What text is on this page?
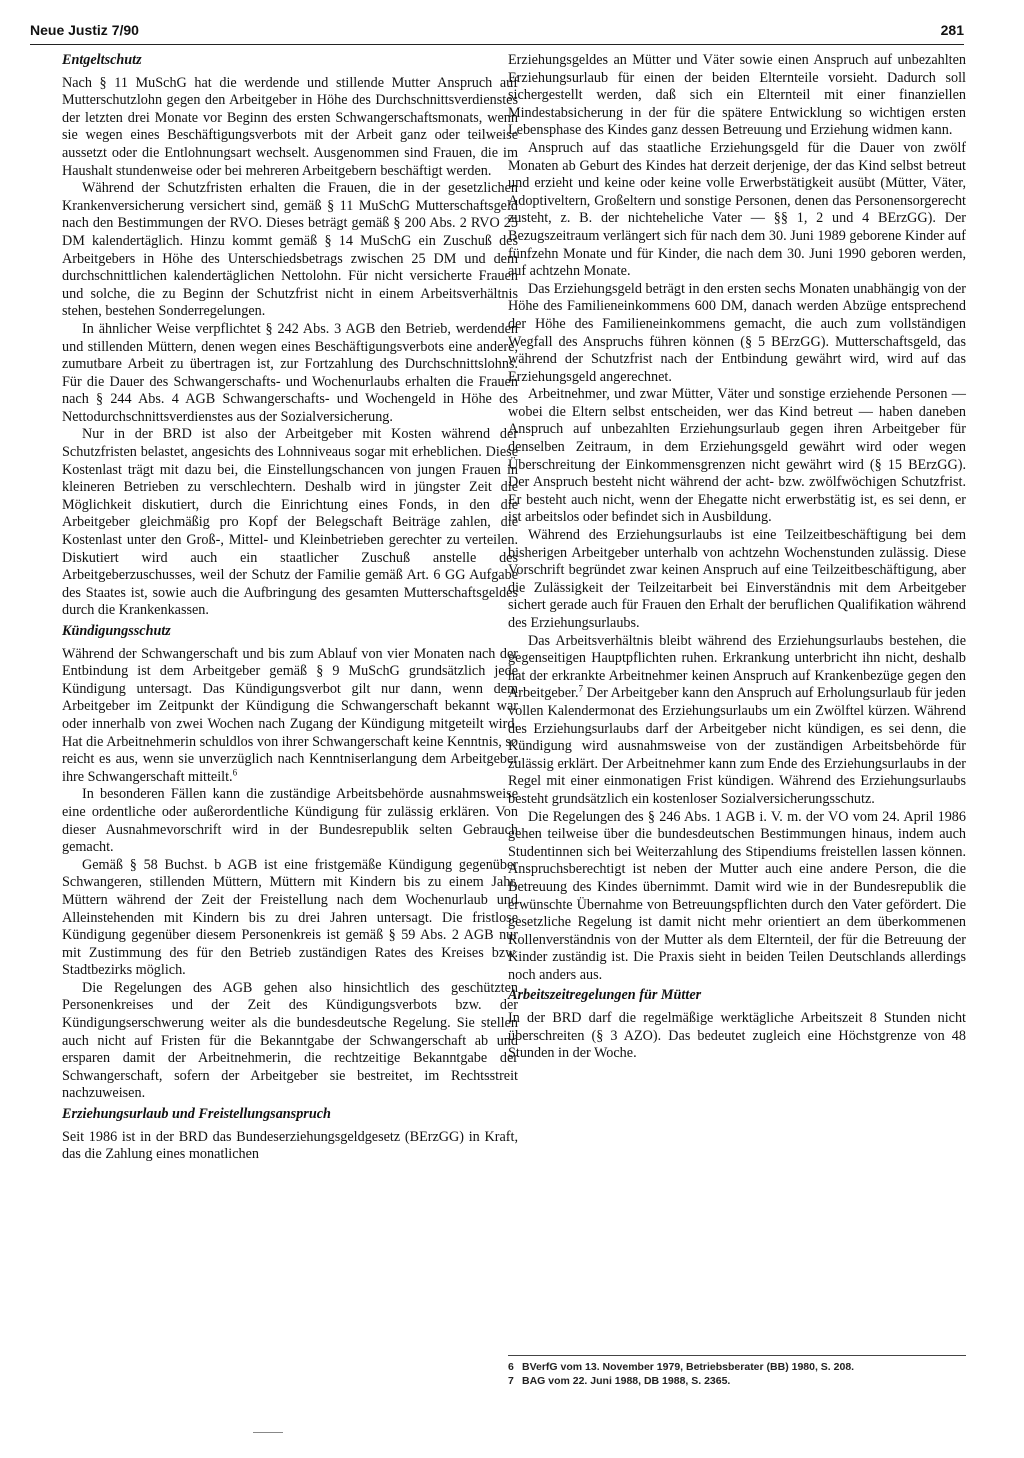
Neue Justiz 7/90	281
Entgeltschutz

Nach § 11 MuSchG hat die werdende und stillende Mutter Anspruch auf Mutterschutzlohn gegen den Arbeitgeber in Höhe des Durchschnittsverdienstes der letzten drei Monate vor Beginn des ersten Schwangerschaftsmonats, wenn sie wegen eines Beschäftigungsverbots mit der Arbeit ganz oder teilweise aussetzt oder die Entlohnungsart wechselt. Ausgenommen sind Frauen, die im Haushalt stundenweise oder bei mehreren Arbeitgebern beschäftigt werden.

Während der Schutzfristen erhalten die Frauen, die in der gesetzlichen Krankenversicherung versichert sind, gemäß § 11 MuSchG Mutterschaftsgeld nach den Bestimmungen der RVO. Dieses beträgt gemäß § 200 Abs. 2 RVO 25 DM kalendertäglich. Hinzu kommt gemäß § 14 MuSchG ein Zuschuß des Arbeitgebers in Höhe des Unterschiedsbetrags zwischen 25 DM und dem durchschnittlichen kalendertäglichen Nettolohn. Für nicht versicherte Frauen und solche, die zu Beginn der Schutzfrist nicht in einem Arbeitsverhältnis stehen, bestehen Sonderregelungen.

In ähnlicher Weise verpflichtet § 242 Abs. 3 AGB den Betrieb, werdenden und stillenden Müttern, denen wegen eines Beschäftigungsverbots eine andere, zumutbare Arbeit zu übertragen ist, zur Fortzahlung des Durchschnittslohns. Für die Dauer des Schwangerschafts- und Wochenurlaubs erhalten die Frauen nach § 244 Abs. 4 AGB Schwangerschafts- und Wochengeld in Höhe des Nettodurchschnittsverdienstes aus der Sozialversicherung.

Nur in der BRD ist also der Arbeitgeber mit Kosten während der Schutzfristen belastet, angesichts des Lohnniveaus sogar mit erheblichen. Diese Kostenlast trägt mit dazu bei, die Einstellungschancen von jungen Frauen in kleineren Betrieben zu verschlechtern. Deshalb wird in jüngster Zeit die Möglichkeit diskutiert, durch die Einrichtung eines Fonds, in den die Arbeitgeber gleichmäßig pro Kopf der Belegschaft Beiträge zahlen, die Kostenlast unter den Groß-, Mittel- und Kleinbetrieben gerechter zu verteilen. Diskutiert wird auch ein staatlicher Zuschuß anstelle des Arbeitgeberzuschusses, weil der Schutz der Familie gemäß Art. 6 GG Aufgabe des Staates ist, sowie auch die Aufbringung des gesamten Mutterschaftsgeldes durch die Krankenkassen.

Kündigungsschutz

Während der Schwangerschaft und bis zum Ablauf von vier Monaten nach der Entbindung ist dem Arbeitgeber gemäß § 9 MuSchG grundsätzlich jede Kündigung untersagt. Das Kündigungsverbot gilt nur dann, wenn dem Arbeitgeber im Zeitpunkt der Kündigung die Schwangerschaft bekannt war oder innerhalb von zwei Wochen nach Zugang der Kündigung mitgeteilt wird. Hat die Arbeitnehmerin schuldlos von ihrer Schwangerschaft keine Kenntnis, so reicht es aus, wenn sie unverzüglich nach Kenntniserlangung dem Arbeitgeber ihre Schwangerschaft mitteilt.$^6$

In besonderen Fällen kann die zuständige Arbeitsbehörde ausnahmsweise eine ordentliche oder außerordentliche Kündigung für zulässig erklären. Von dieser Ausnahmevorschrift wird in der Bundesrepublik selten Gebrauch gemacht.

Gemäß § 58 Buchst. b AGB ist eine fristgemäße Kündigung gegenüber Schwangeren, stillenden Müttern, Müttern mit Kindern bis zu einem Jahr, Müttern während der Zeit der Freistellung nach dem Wochenurlaub und Alleinstehenden mit Kindern bis zu drei Jahren untersagt. Die fristlose Kündigung gegenüber diesem Personenkreis ist gemäß § 59 Abs. 2 AGB nur mit Zustimmung des für den Betrieb zuständigen Rates des Kreises bzw. Stadtbezirks möglich.

Die Regelungen des AGB gehen also hinsichtlich des geschützten Personenkreises und der Zeit des Kündigungsverbots bzw. der Kündigungserschwerung weiter als die bundesdeutsche Regelung. Sie stellen auch nicht auf Fristen für die Bekanntgabe der Schwangerschaft ab und ersparen damit der Arbeitnehmerin, die rechtzeitige Bekanntgabe der Schwangerschaft, sofern der Arbeitgeber sie bestreitet, im Rechtsstreit nachzuweisen.

Erziehungsurlaub und Freistellungsanspruch

Seit 1986 ist in der BRD das Bundeserziehungsgeldgesetz (BErzGG) in Kraft, das die Zahlung eines monatlichen

Erziehungsgeldes an Mütter und Väter sowie einen Anspruch auf unbezahlten Erziehungsurlaub für einen der beiden Elternteile vorsieht. Dadurch soll sichergestellt werden, daß sich ein Elternteil mit einer finanziellen Mindestabsicherung in der für die spätere Entwicklung so wichtigen ersten Lebensphase des Kindes ganz dessen Betreuung und Erziehung widmen kann.

Anspruch auf das staatliche Erziehungsgeld für die Dauer von zwölf Monaten ab Geburt des Kindes hat derzeit derjenige, der das Kind selbst betreut und erzieht und keine oder keine volle Erwerbstätigkeit ausübt (Mütter, Väter, Adoptiveltern, Großeltern und sonstige Personen, denen das Personensorgerecht zusteht, z. B. der nichteheliche Vater — §§ 1, 2 und 4 BErzGG). Der Bezugszeitraum verlängert sich für nach dem 30. Juni 1989 geborene Kinder auf fünfzehn Monate und für Kinder, die nach dem 30. Juni 1990 geboren werden, auf achtzehn Monate.

Das Erziehungsgeld beträgt in den ersten sechs Monaten unabhängig von der Höhe des Familieneinkommens 600 DM, danach werden Abzüge entsprechend der Höhe des Familieneinkommens gemacht, die auch zum vollständigen Wegfall des Anspruchs führen können (§ 5 BErzGG). Mutterschaftsgeld, das während der Schutzfrist nach der Entbindung gewährt wird, wird auf das Erziehungsgeld angerechnet.

Arbeitnehmer, und zwar Mütter, Väter und sonstige erziehende Personen — wobei die Eltern selbst entscheiden, wer das Kind betreut — haben daneben Anspruch auf unbezahlten Erziehungsurlaub gegen ihren Arbeitgeber für denselben Zeitraum, in dem Erziehungsgeld gewährt wird oder wegen Überschreitung der Einkommensgrenzen nicht gewährt wird (§ 15 BErzGG). Der Anspruch besteht nicht während der acht- bzw. zwölfwöchigen Schutzfrist. Er besteht auch nicht, wenn der Ehegatte nicht erwerbstätig ist, es sei denn, er ist arbeitslos oder befindet sich in Ausbildung.

Während des Erziehungsurlaubs ist eine Teilzeitbeschäftigung bei dem bisherigen Arbeitgeber unterhalb von achtzehn Wochenstunden zulässig. Diese Vorschrift begründet zwar keinen Anspruch auf eine Teilzeitbeschäftigung, aber die Zulässigkeit der Teilzeitarbeit bei Einverständnis mit dem Arbeitgeber sichert gerade auch für Frauen den Erhalt der beruflichen Qualifikation während des Erziehungsurlaubs.

Das Arbeitsverhältnis bleibt während des Erziehungsurlaubs bestehen, die gegenseitigen Hauptpflichten ruhen. Erkrankung unterbricht ihn nicht, deshalb hat der erkrankte Arbeitnehmer keinen Anspruch auf Krankenbezüge gegen den Arbeitgeber.$^7$ Der Arbeitgeber kann den Anspruch auf Erholungsurlaub für jeden vollen Kalendermonat des Erziehungsurlaubs um ein Zwölftel kürzen. Während des Erziehungsurlaubs darf der Arbeitgeber nicht kündigen, es sei denn, die Kündigung wird ausnahmsweise von der zuständigen Arbeitsbehörde für zulässig erklärt. Der Arbeitnehmer kann zum Ende des Erziehungsurlaubs in der Regel mit einer einmonatigen Frist kündigen. Während des Erziehungsurlaubs besteht grundsätzlich ein kostenloser Sozialversicherungsschutz.

Die Regelungen des § 246 Abs. 1 AGB i. V. m. der VO vom 24. April 1986 gehen teilweise über die bundesdeutschen Bestimmungen hinaus, indem auch Studentinnen sich bei Weiterzahlung des Stipendiums freistellen lassen können. Anspruchsberechtigt ist neben der Mutter auch eine andere Person, die die Betreuung des Kindes übernimmt. Damit wird wie in der Bundesrepublik die erwünschte Übernahme von Betreuungspflichten durch den Vater gefördert. Die gesetzliche Regelung ist damit nicht mehr orientiert an dem überkommenen Rollenverständnis von der Mutter als dem Elternteil, der für die Betreuung der Kinder zuständig ist. Die Praxis sieht in beiden Teilen Deutschlands allerdings noch anders aus.

Arbeitszeitregelungen für Mütter

In der BRD darf die regelmäßige werktägliche Arbeitszeit 8 Stunden nicht überschreiten (§ 3 AZO). Das bedeutet zugleich eine Höchstgrenze von 48 Stunden in der Woche.

6 BVerfG vom 13. November 1979, Betriebsberater (BB) 1980, S. 208.
7 BAG vom 22. Juni 1988, DB 1988, S. 2365.
